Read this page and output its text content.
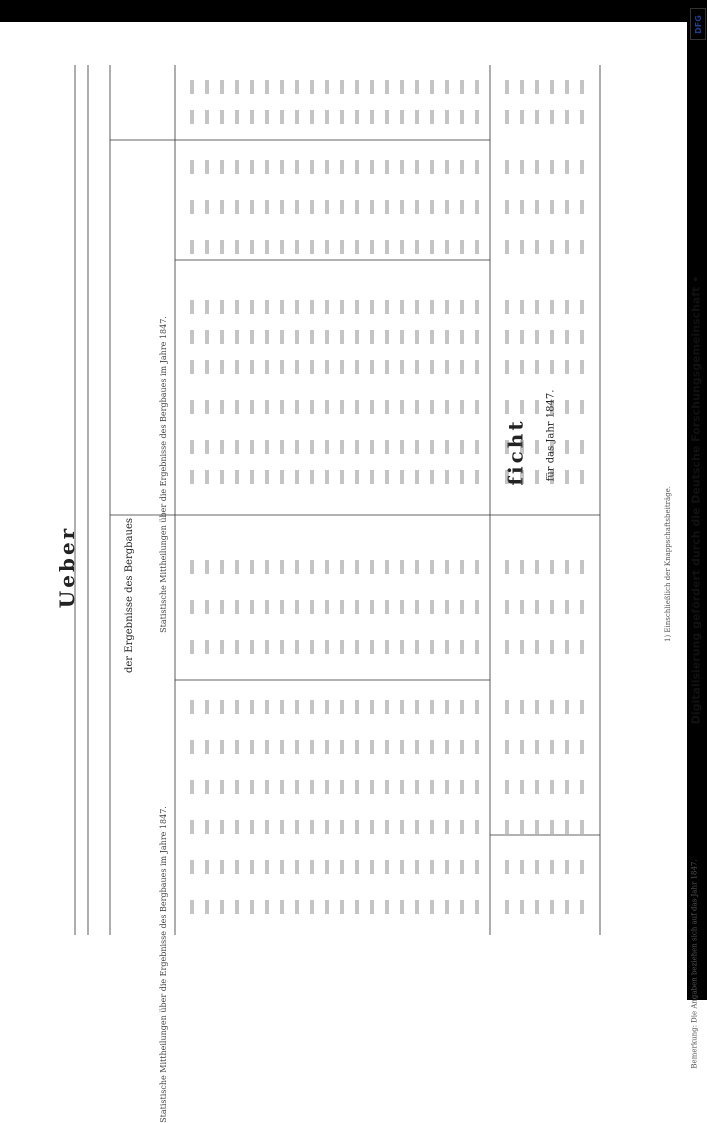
Digitalisierung gefördert durch die Deutsche Forschungsgemeinschaft •
DFG
Statistische Mittheilungen über die Ergebnisse des Bergbaues im Jahre 1847.
Statistische Mittheilungen über die Ergebnisse des Bergbaues im Jahre 1847.
Ueber
ficht
der Ergebnisse des Bergbaues
für das Jahr 1847.
1) Einschließlich der Knappschaftsbeiträge.
Bemerkung: Die Angaben beziehen sich auf das Jahr 1847.
